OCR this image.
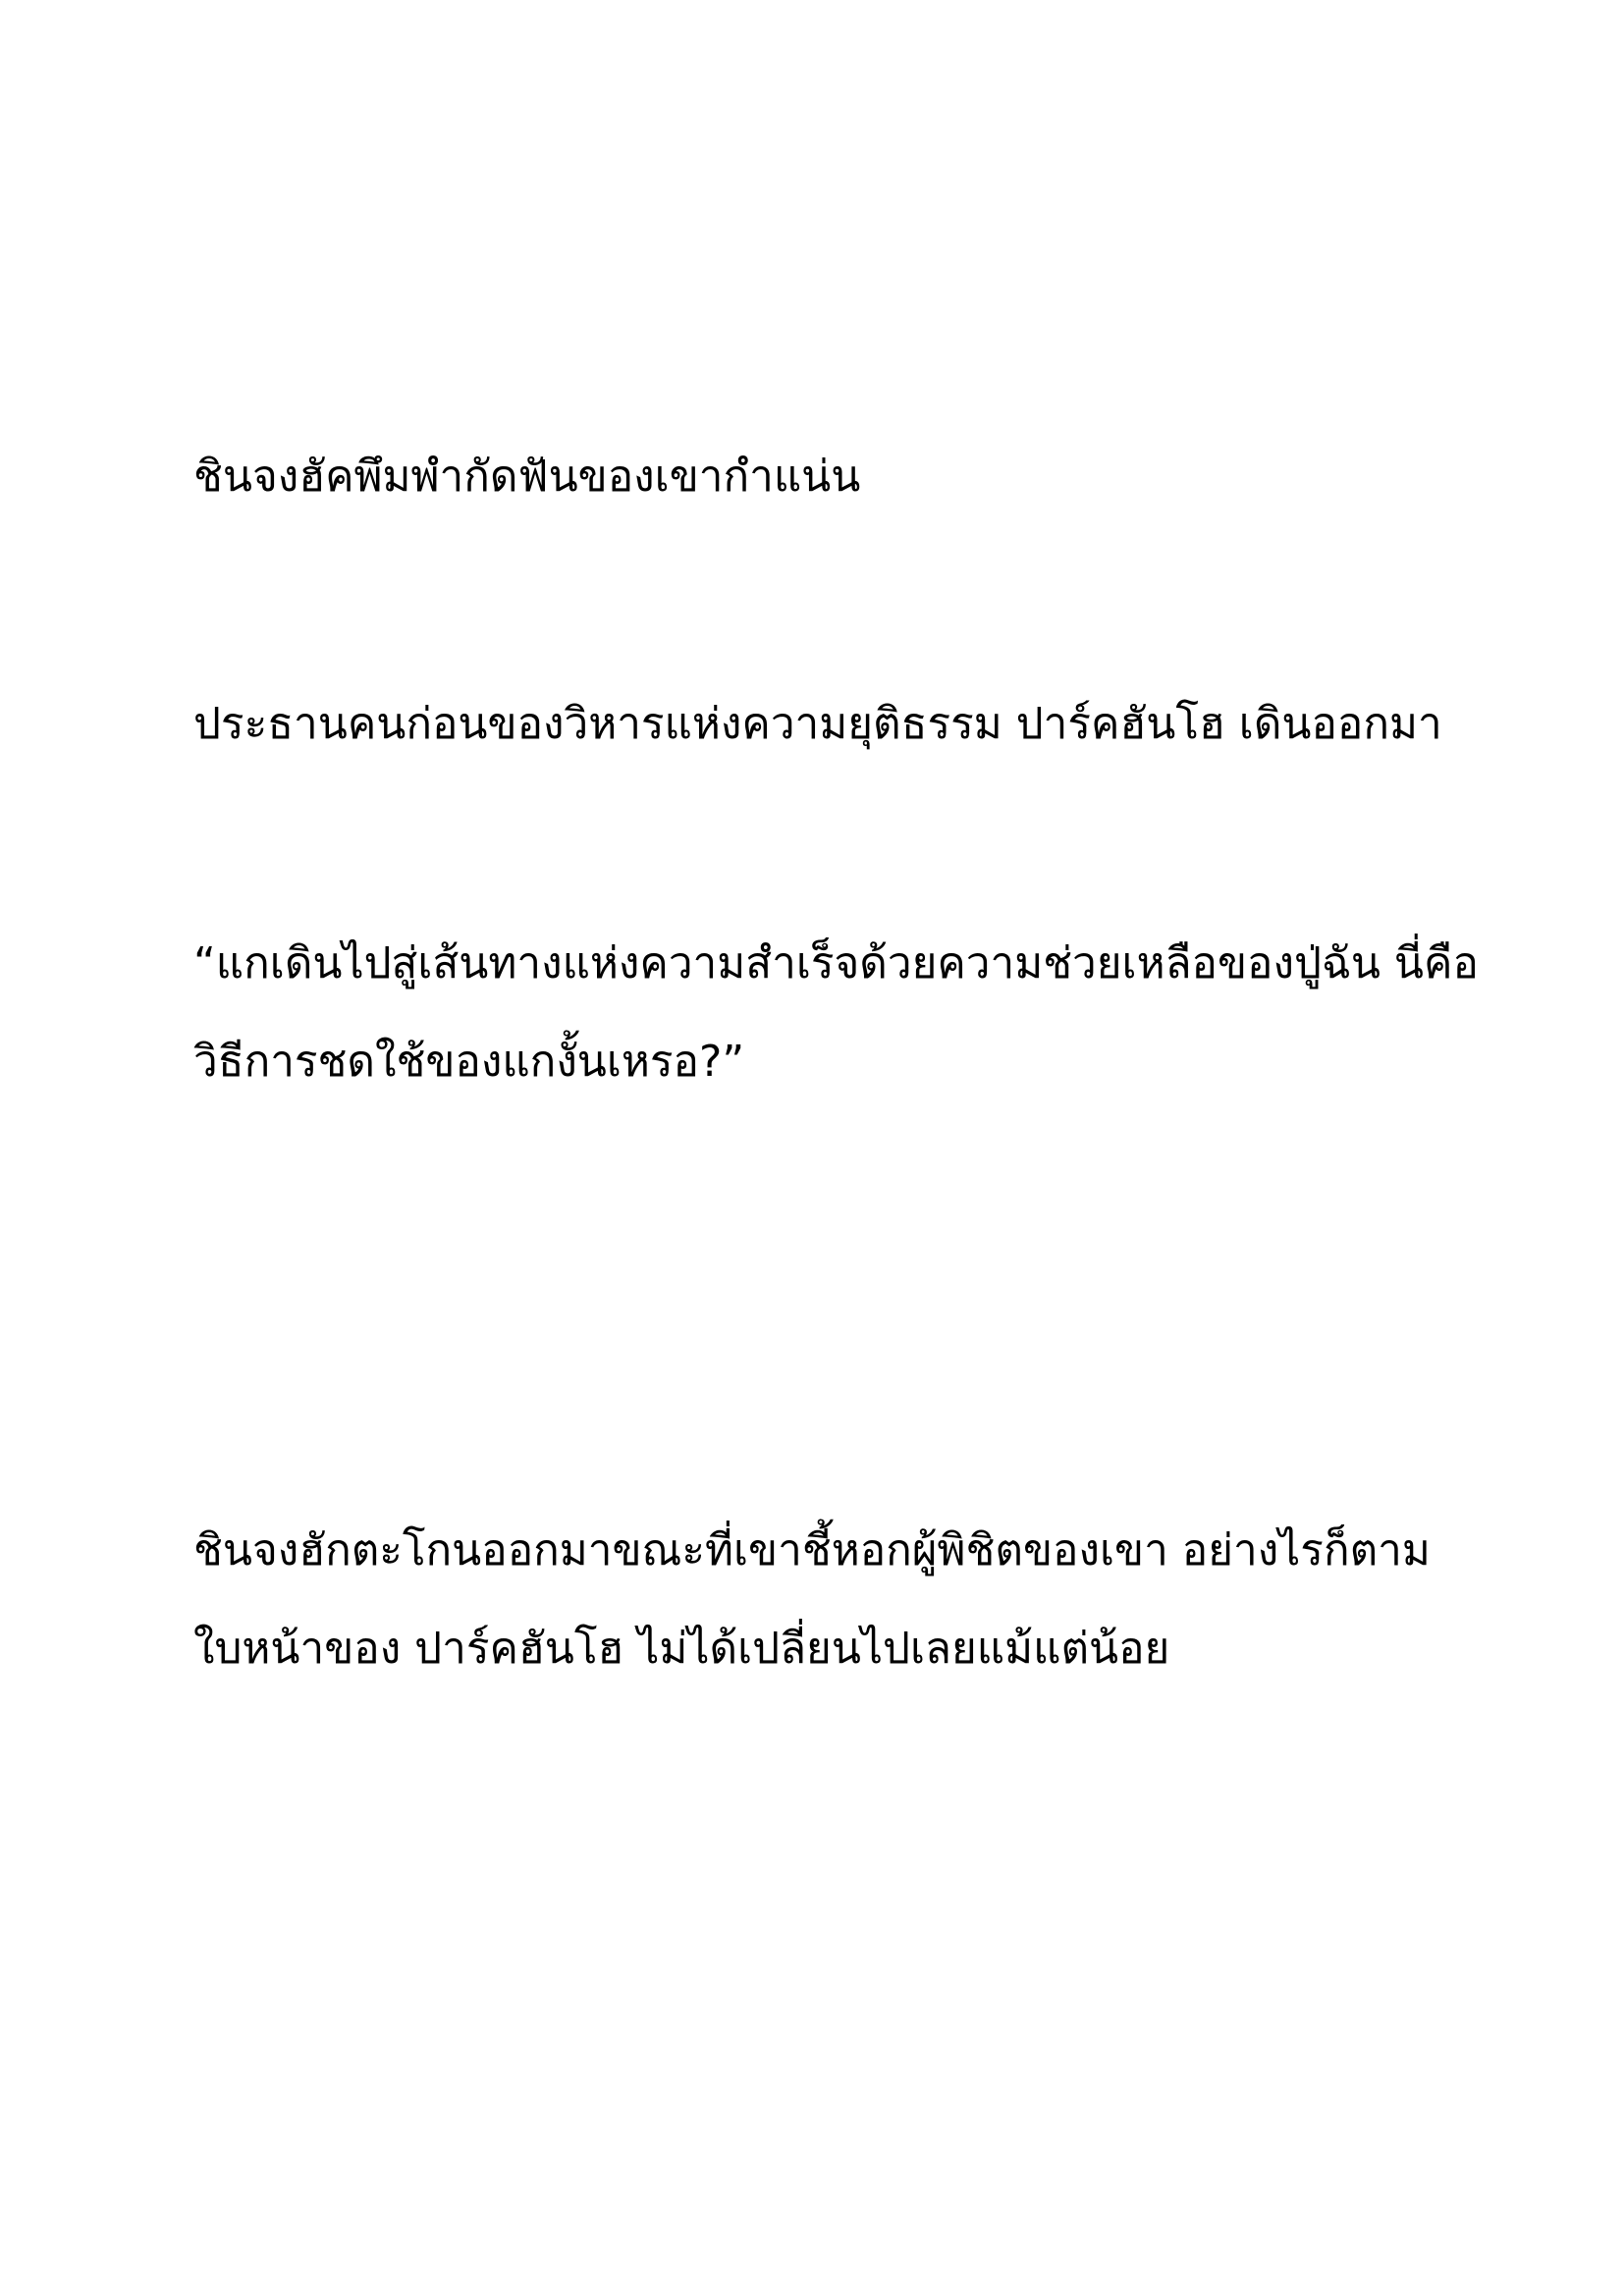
ชินจงฮัคพึมพำกัดฟันของเขากำแน่น

ประธานคนก่อนของวิหารแห่งความยุติธรรม ปาร์คฮันโฮ เดินออกมา

“แกเดินไปสู่เส้นทางแห่งความสำเร็จด้วยความช่วยเหลือของปู่ฉัน นี่คือ

วิธีการชดใช้ของแกงั้นเหรอ?”

ชินจงฮักตะโกนออกมาขณะที่เขาชี้หอกผู้พิชิตของเขา อย่างไรก็ตาม

ใบหน้าของ ปาร์คฮันโฮ ไม่ได้เปลี่ยนไปเลยแม้แต่น้อย
